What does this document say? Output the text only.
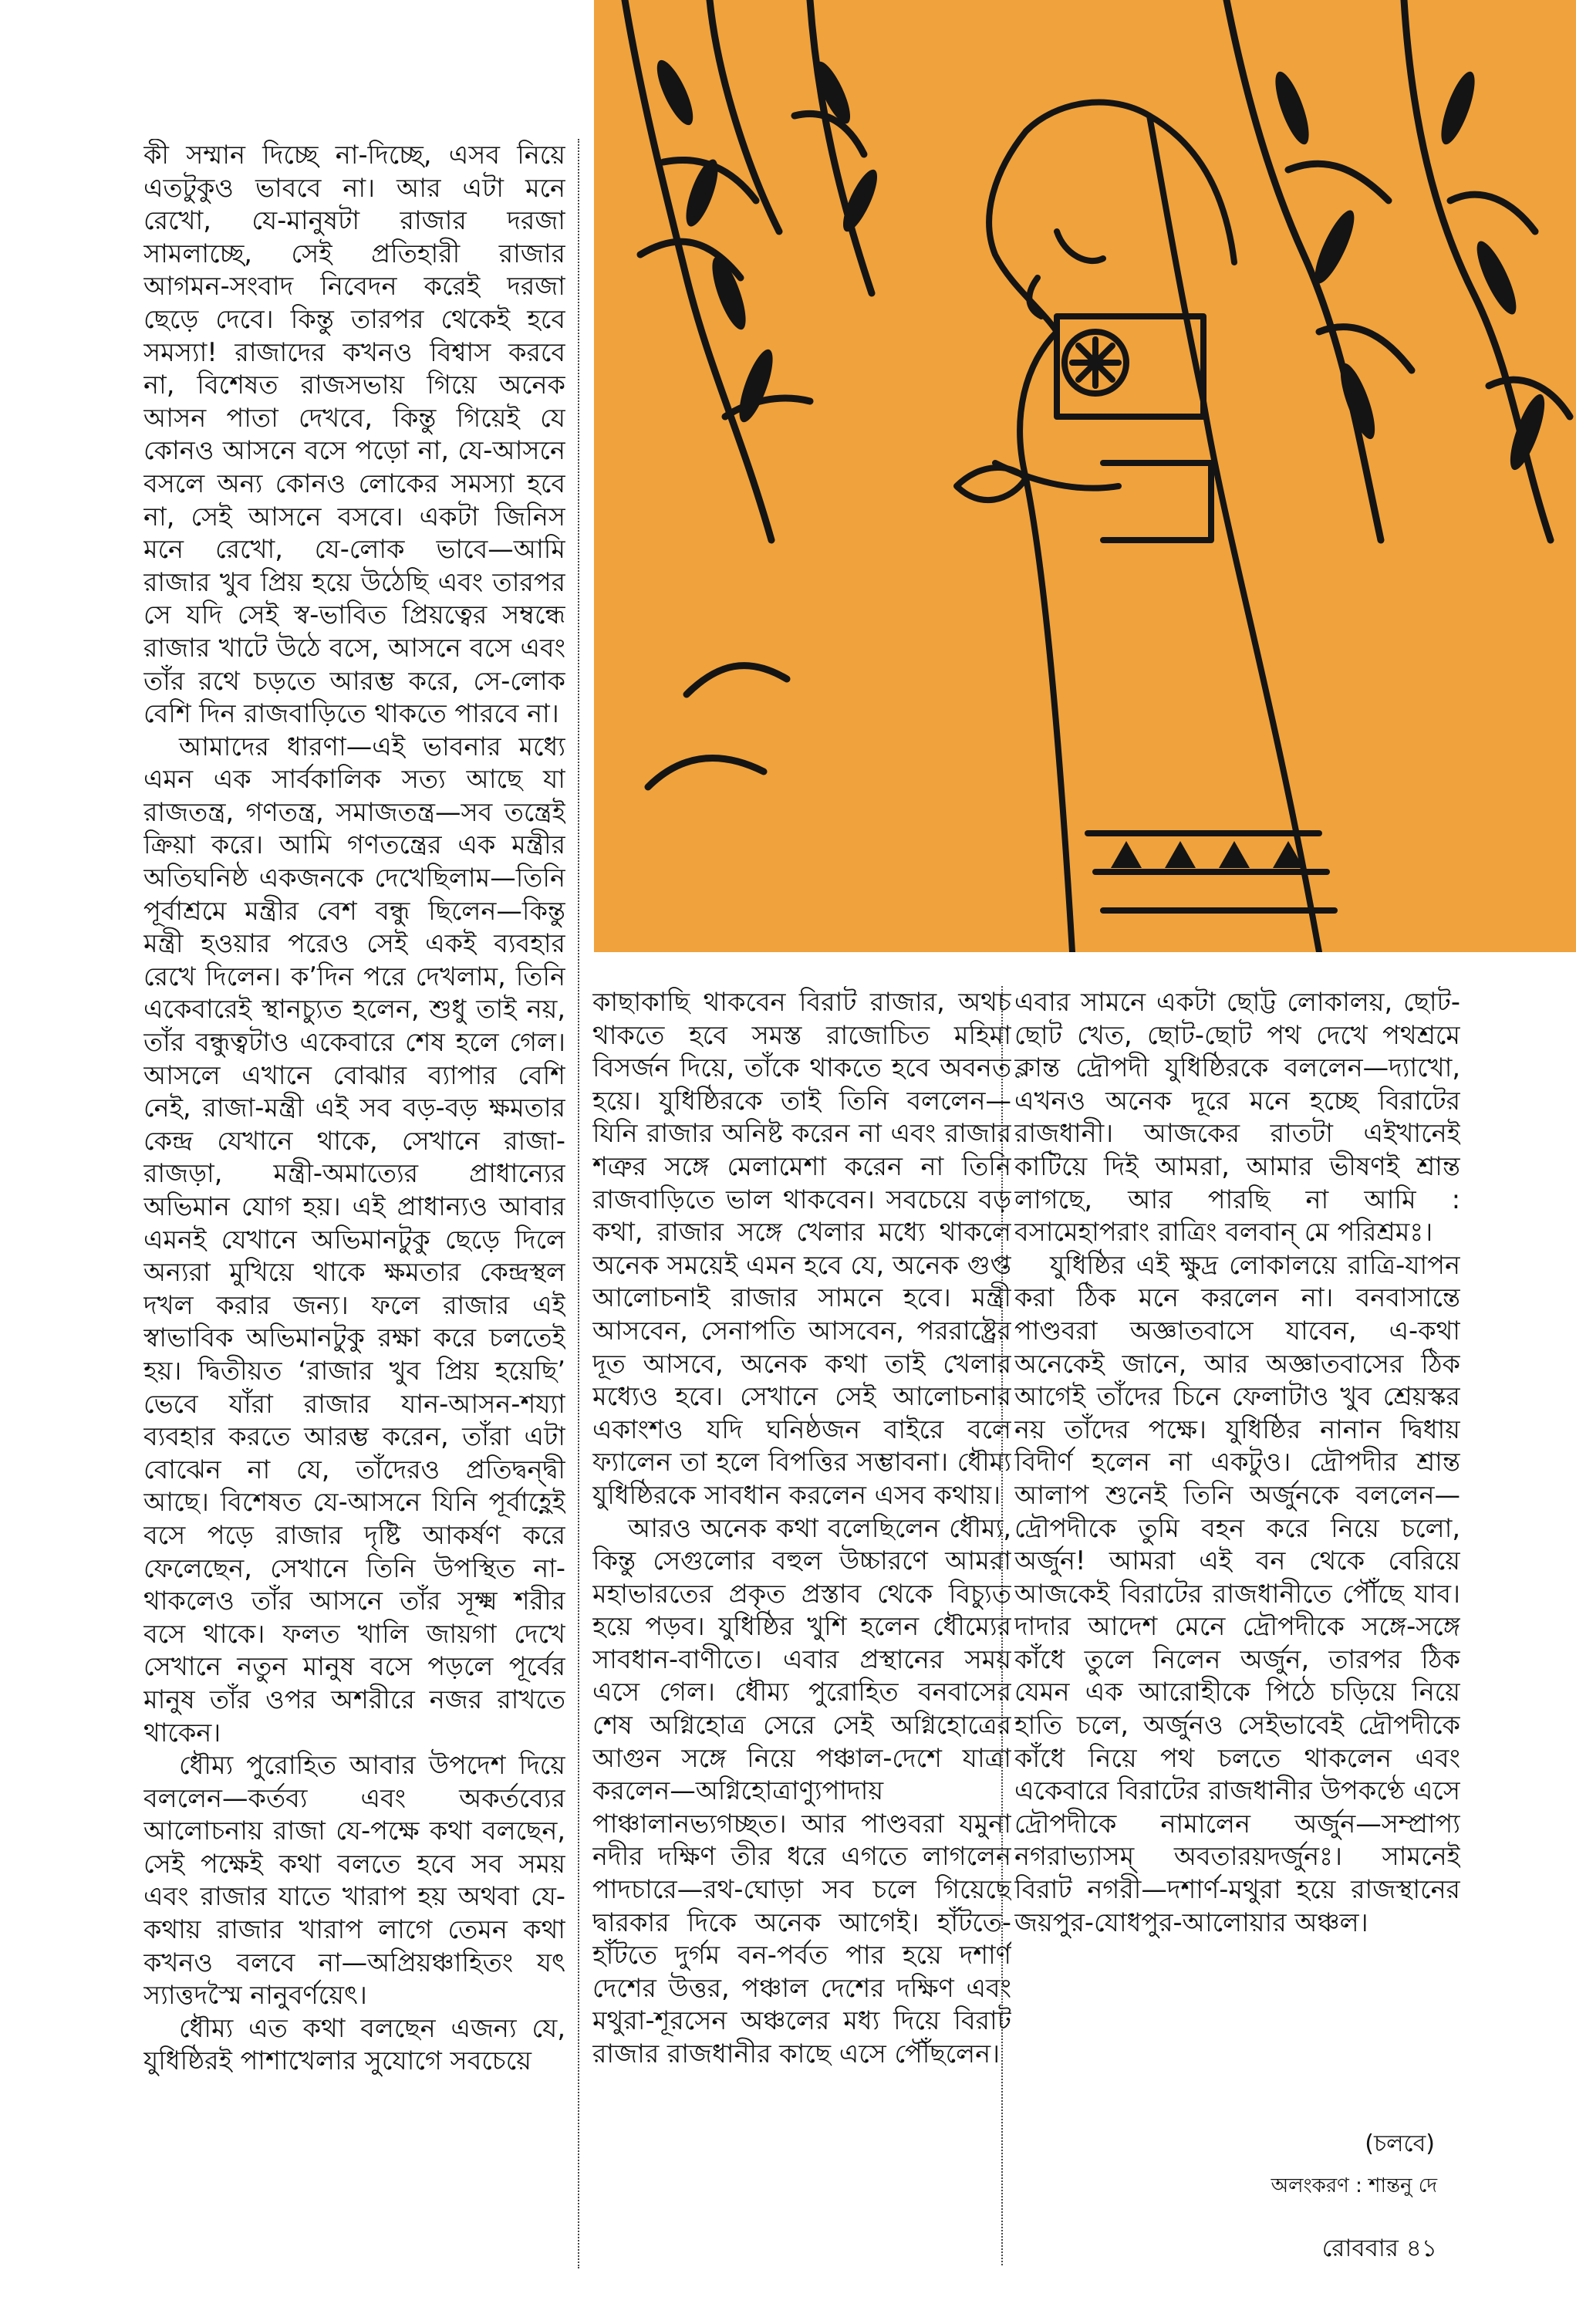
কী সম্মান দিচ্ছে না-দিচ্ছে, এসব নিয়ে এতটুকুও ভাববে না। আর এটা মনে রেখো, যে-মানুষটা রাজার দরজা সামলাচ্ছে, সেই প্রতিহারী রাজার আগমন-সংবাদ নিবেদন করেই দরজা ছেড়ে দেবে। কিন্তু তারপর থেকেই হবে সমস্যা! রাজাদের কখনও বিশ্বাস করবে না, বিশেষত রাজসভায় গিয়ে অনেক আসন পাতা দেখবে, কিন্তু গিয়েই যে কোনও আসনে বসে পড়ো না, যে-আসনে বসলে অন্য কোনও লোকের সমস্যা হবে না, সেই আসনে বসবে। একটা জিনিস মনে রেখো, যে-লোক ভাবে—আমি রাজার খুব প্রিয় হয়ে উঠেছি এবং তারপর সে যদি সেই স্ব-ভাবিত প্রিয়ত্বের সম্বন্ধে রাজার খাটে উঠে বসে, আসনে বসে এবং তাঁর রথে চড়তে আরম্ভ করে, সে-লোক বেশি দিন রাজবাড়িতে থাকতে পারবে না।

আমাদের ধারণা—এই ভাবনার মধ্যে এমন এক সার্বকালিক সত্য আছে যা রাজতন্ত্র, গণতন্ত্র, সমাজতন্ত্র—সব তন্ত্রেই ক্রিয়া করে। আমি গণতন্ত্রের এক মন্ত্রীর অতিঘনিষ্ঠ একজনকে দেখেছিলাম—তিনি পূর্বাশ্রমে মন্ত্রীর বেশ বন্ধু ছিলেন—কিন্তু মন্ত্রী হওয়ার পরেও সেই একই ব্যবহার রেখে দিলেন। ক’দিন পরে দেখলাম, তিনি একেবারেই স্থানচ্যুত হলেন, শুধু তাই নয়, তাঁর বন্ধুত্বটাও একেবারে শেষ হলে গেল। আসলে এখানে বোঝার ব্যাপার বেশি নেই, রাজা-মন্ত্রী এই সব বড়-বড় ক্ষমতার কেন্দ্র যেখানে থাকে, সেখানে রাজা-রাজড়া, মন্ত্রী-অমাত্যের প্রাধান্যের অভিমান যোগ হয়। এই প্রাধান্যও আবার এমনই যেখানে অভিমানটুকু ছেড়ে দিলে অন্যরা মুখিয়ে থাকে ক্ষমতার কেন্দ্রস্থল দখল করার জন্য। ফলে রাজার এই স্বাভাবিক অভিমানটুকু রক্ষা করে চলতেই হয়। দ্বিতীয়ত ‘রাজার খুব প্রিয় হয়েছি’ ভেবে যাঁরা রাজার যান-আসন-শয্যা ব্যবহার করতে আরম্ভ করেন, তাঁরা এটা বোঝেন না যে, তাঁদেরও প্রতিদ্বন্দ্বী আছে। বিশেষত যে-আসনে যিনি পূর্বাহ্ণেই বসে পড়ে রাজার দৃষ্টি আকর্ষণ করে ফেলেছেন, সেখানে তিনি উপস্থিত না-থাকলেও তাঁর আসনে তাঁর সূক্ষ্ম শরীর বসে থাকে। ফলত খালি জায়গা দেখে সেখানে নতুন মানুষ বসে পড়লে পূর্বের মানুষ তাঁর ওপর অশরীরে নজর রাখতে থাকেন।

ধৌম্য পুরোহিত আবার উপদেশ দিয়ে বললেন—কর্তব্য এবং অকর্তব্যের আলোচনায় রাজা যে-পক্ষে কথা বলছেন, সেই পক্ষেই কথা বলতে হবে সব সময় এবং রাজার যাতে খারাপ হয় অথবা যে-কথায় রাজার খারাপ লাগে তেমন কথা কখনও বলবে না—অপ্রিয়ঞ্চাহিতং যৎ স্যাত্তদস্মৈ নানুবর্ণয়েৎ।

ধৌম্য এত কথা বলছেন এজন্য যে, যুধিষ্ঠিরই পাশাখেলার সুযোগে সবচেয়ে

কাছাকাছি থাকবেন বিরাট রাজার, অথচ থাকতে হবে সমস্ত রাজোচিত মহিমা বিসর্জন দিয়ে, তাঁকে থাকতে হবে অবনত হয়ে। যুধিষ্ঠিরকে তাই তিনি বললেন—যিনি রাজার অনিষ্ট করেন না এবং রাজার শত্রুর সঙ্গে মেলামেশা করেন না তিনি রাজবাড়িতে ভাল থাকবেন। সবচেয়ে বড় কথা, রাজার সঙ্গে খেলার মধ্যে থাকলে অনেক সময়েই এমন হবে যে, অনেক গুপ্ত আলোচনাই রাজার সামনে হবে। মন্ত্রী আসবেন, সেনাপতি আসবেন, পররাষ্ট্রের দূত আসবে, অনেক কথা তাই খেলার মধ্যেও হবে। সেখানে সেই আলোচনার একাংশও যদি ঘনিষ্ঠজন বাইরে বলে ফ্যালেন তা হলে বিপত্তির সম্ভাবনা। ধৌম্য যুধিষ্ঠিরকে সাবধান করলেন এসব কথায়।

আরও অনেক কথা বলেছিলেন ধৌম্য, কিন্তু সেগুলোর বহুল উচ্চারণে আমরা মহাভারতের প্রকৃত প্রস্তাব থেকে বিচ্যুত হয়ে পড়ব। যুধিষ্ঠির খুশি হলেন ধৌম্যের সাবধান-বাণীতে। এবার প্রস্থানের সময় এসে গেল। ধৌম্য পুরোহিত বনবাসের শেষ অগ্নিহোত্র সেরে সেই অগ্নিহোত্রের আগুন সঙ্গে নিয়ে পঞ্চাল-দেশে যাত্রা করলেন—অগ্নিহোত্রাণ্যুপাদায় পাঞ্চালানভ্যগচ্ছত। আর পাণ্ডবরা যমুনা নদীর দক্ষিণ তীর ধরে এগতে লাগলেন পাদচারে—রথ-ঘোড়া সব চলে গিয়েছে দ্বারকার দিকে অনেক আগেই। হাঁটতে-হাঁটতে দুর্গম বন-পর্বত পার হয়ে দশার্ণ দেশের উত্তর, পঞ্চাল দেশের দক্ষিণ এবং মথুরা-শূরসেন অঞ্চলের মধ্য দিয়ে বিরাট রাজার রাজধানীর কাছে এসে পৌঁছলেন।

এবার সামনে একটা ছোট্ট লোকালয়, ছোট-ছোট খেত, ছোট-ছোট পথ দেখে পথশ্রমে ক্লান্ত দ্রৌপদী যুধিষ্ঠিরকে বললেন—দ্যাখো, এখনও অনেক দূরে মনে হচ্ছে বিরাটের রাজধানী। আজকের রাতটা এইখানেই কাটিয়ে দিই আমরা, আমার ভীষণই শ্রান্ত লাগছে, আর পারছি না আমি : বসামেহাপরাং রাত্রিং বলবান্ মে পরিশ্রমঃ।

যুধিষ্ঠির এই ক্ষুদ্র লোকালয়ে রাত্রি-যাপন করা ঠিক মনে করলেন না। বনবাসান্তে পাণ্ডবরা অজ্ঞাতবাসে যাবেন, এ-কথা অনেকেই জানে, আর অজ্ঞাতবাসের ঠিক আগেই তাঁদের চিনে ফেলাটাও খুব শ্রেয়স্কর নয় তাঁদের পক্ষে। যুধিষ্ঠির নানান দ্বিধায় বিদীর্ণ হলেন না একটুও। দ্রৌপদীর শ্রান্ত আলাপ শুনেই তিনি অর্জুনকে বললেন—দ্রৌপদীকে তুমি বহন করে নিয়ে চলো, অর্জুন! আমরা এই বন থেকে বেরিয়ে আজকেই বিরাটের রাজধানীতে পৌঁছে যাব। দাদার আদেশ মেনে দ্রৌপদীকে সঙ্গে-সঙ্গে কাঁধে তুলে নিলেন অর্জুন, তারপর ঠিক যেমন এক আরোহীকে পিঠে চড়িয়ে নিয়ে হাতি চলে, অর্জুনও সেইভাবেই দ্রৌপদীকে কাঁধে নিয়ে পথ চলতে থাকলেন এবং একেবারে বিরাটের রাজধানীর উপকণ্ঠে এসে দ্রৌপদীকে নামালেন অর্জুন—সম্প্রাপ্য নগরাভ্যাসম্ অবতারয়দর্জুনঃ। সামনেই বিরাট নগরী—দশার্ণ-মথুরা হয়ে রাজস্থানের জয়পুর-যোধপুর-আলোয়ার অঞ্চল।

(চলবে)
অলংকরণ : শান্তনু দে
রোববার ৪১
